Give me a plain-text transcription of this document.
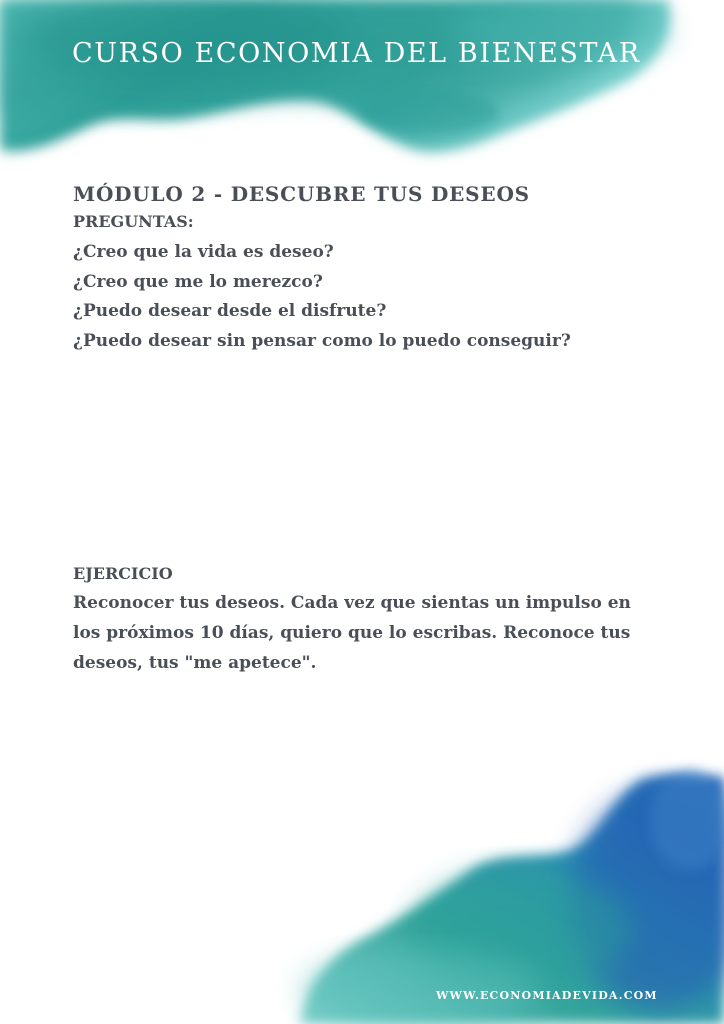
CURSO ECONOMIA DEL BIENESTAR
MÓDULO 2 - DESCUBRE TUS DESEOS
PREGUNTAS:
¿Creo que la vida es deseo?
¿Creo que me lo merezco?
¿Puedo desear desde el disfrute?
¿Puedo desear sin pensar como lo puedo conseguir?
EJERCICIO
Reconocer tus deseos. Cada vez que sientas un impulso en los próximos 10 días, quiero que lo escribas. Reconoce tus deseos, tus "me apetece".
WWW.ECONOMIADEVIDA.COM
